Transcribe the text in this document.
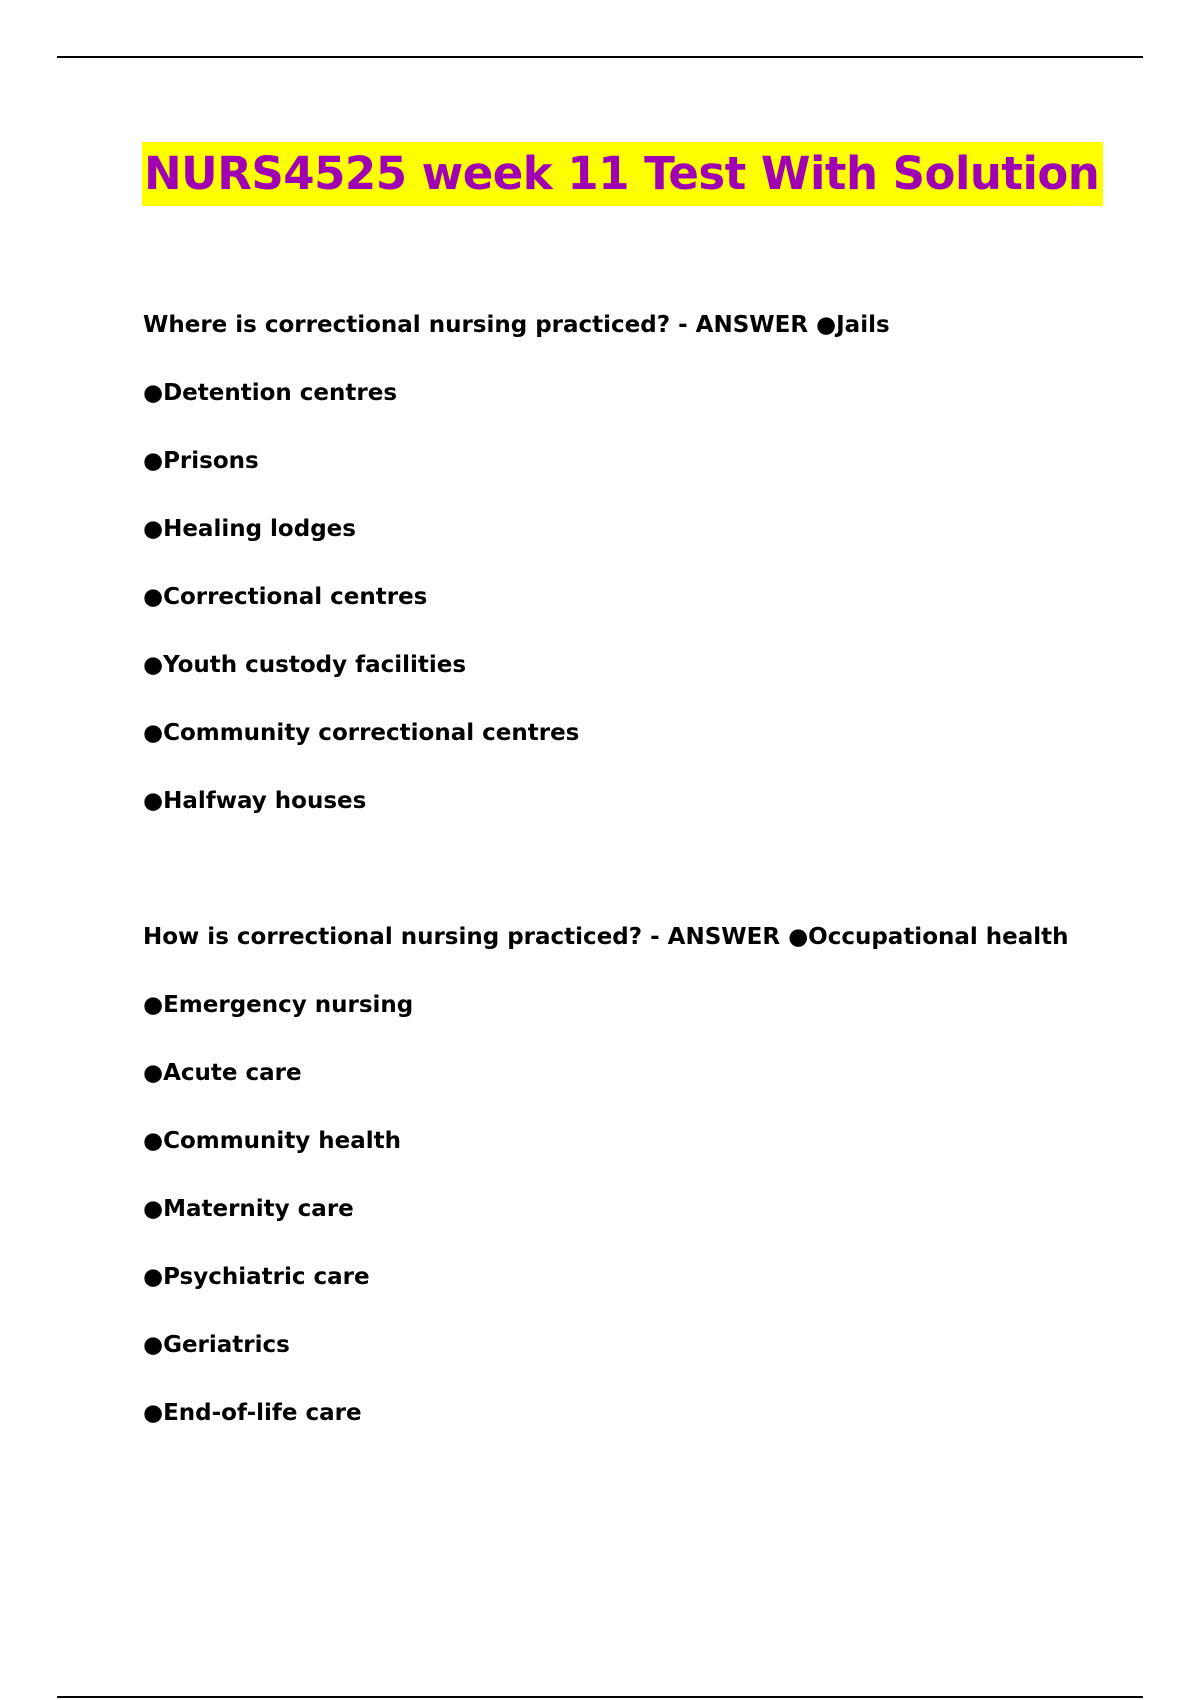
NURS4525 week 11 Test With Solution
Where is correctional nursing practiced? - ANSWER ●Jails
●Detention centres
●Prisons
●Healing lodges
●Correctional centres
●Youth custody facilities
●Community correctional centres
●Halfway houses
How is correctional nursing practiced? - ANSWER ●Occupational health
●Emergency nursing
●Acute care
●Community health
●Maternity care
●Psychiatric care
●Geriatrics
●End-of-life care
